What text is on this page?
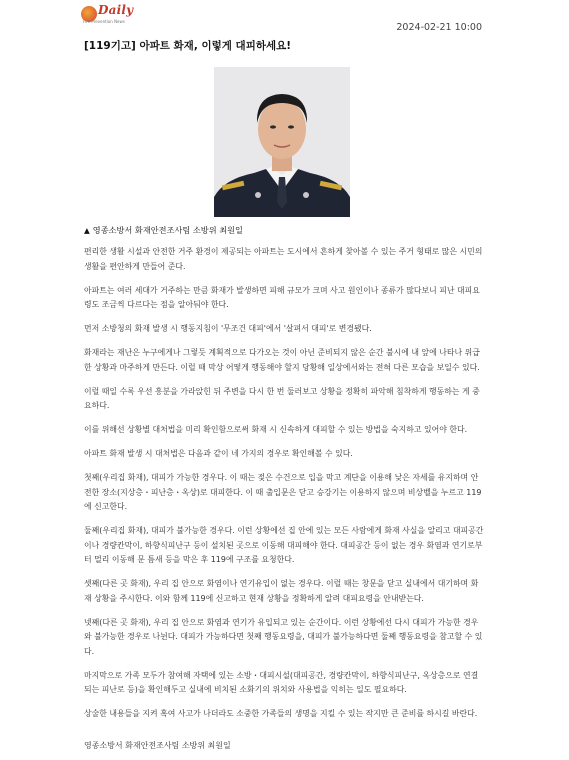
Daily
Fire Prevention News
2024-02-21 10:00
[119기고] 아파트 화재, 이렇게 대피하세요!
▲ 영종소방서 화재안전조사팀 소방위 최원일

편리한 생활 시설과 안전한 거주 환경이 제공되는 아파트는 도시에서 흔하게 찾아볼 수 있는 주거 형태로 많은 시민의 생활을 편안하게 만들어 준다.

아파트는 여러 세대가 거주하는 만큼 화재가 발생하면 피해 규모가 크며 사고 원인이나 종류가 많다보니 피난 대피요령도 조금씩 다르다는 점을 알아둬야 한다.

먼저 소방청의 화재 발생 시 행동지침이 '무조건 대피'에서 '살펴서 대피'로 변경됐다.

화재라는 재난은 누구에게나 그렇듯 계획적으로 다가오는 것이 아닌 준비되지 않은 순간 불시에 내 앞에 나타나 위급한 상황과 마주하게 만든다. 이럴 때 막상 어떻게 행동해야 할지 당황해 일상에서와는 전혀 다른 모습을 보일수 있다.

이럴 때일 수록 우선 흥분을 가라앉힌 뒤 주변을 다시 한 번 둘러보고 상황을 정확히 파악해 침착하게 행동하는 게 중요하다.

이를 위해선 상황별 대처법을 미리 확인함으로써 화재 시 신속하게 대피할 수 있는 방법을 숙지하고 있어야 한다.

아파트 화재 발생 시 대처법은 다음과 같이 네 가지의 경우로 확인해볼 수 있다.

첫째(우리집 화재), 대피가 가능한 경우다. 이 때는 젖은 수건으로 입을 막고 계단을 이용해 낮은 자세를 유지하며 안전한 장소(지상층・피난층・옥상)로 대피한다. 이 때 출입문은 닫고 승강기는 이용하지 않으며 비상벨을 누르고 119에 신고한다.

둘째(우리집 화재), 대피가 불가능한 경우다. 이런 상황에선 집 안에 있는 모든 사람에게 화재 사실을 알리고 대피공간이나 경량칸막이, 하향식피난구 등이 설치된 곳으로 이동해 대피해야 한다. 대피공간 등이 없는 경우 화염과 연기로부터 멀리 이동해 문 틈새 등을 막은 후 119에 구조를 요청한다.

셋째(다른 곳 화재), 우리 집 안으로 화염이나 연기유입이 없는 경우다. 이럴 때는 창문을 닫고 실내에서 대기하며 화재 상황을 주시한다. 이와 함께 119에 신고하고 현재 상황을 정확하게 알려 대피요령을 안내받는다.

넷째(다른 곳 화재), 우리 집 안으로 화염과 연기가 유입되고 있는 순간이다. 이런 상황에선 다시 대피가 가능한 경우와 불가능한 경우로 나뉜다. 대피가 가능하다면 첫째 행동요령을, 대피가 불가능하다면 둘째 행동요령을 참고할 수 있다.

마지막으로 가족 모두가 참여해 자택에 있는 소방・대피시설(대피공간, 경량칸막이, 하향식피난구, 옥상층으로 연결되는 피난로 등)을 확인해두고 실내에 비치된 소화기의 위치와 사용법을 익히는 일도 필요하다.

상술한 내용들을 지켜 혹여 사고가 나더라도 소중한 가족들의 생명을 지킬 수 있는 작지만 큰 준비를 하시길 바란다.

영종소방서 화재안전조사팀 소방위 최원일
